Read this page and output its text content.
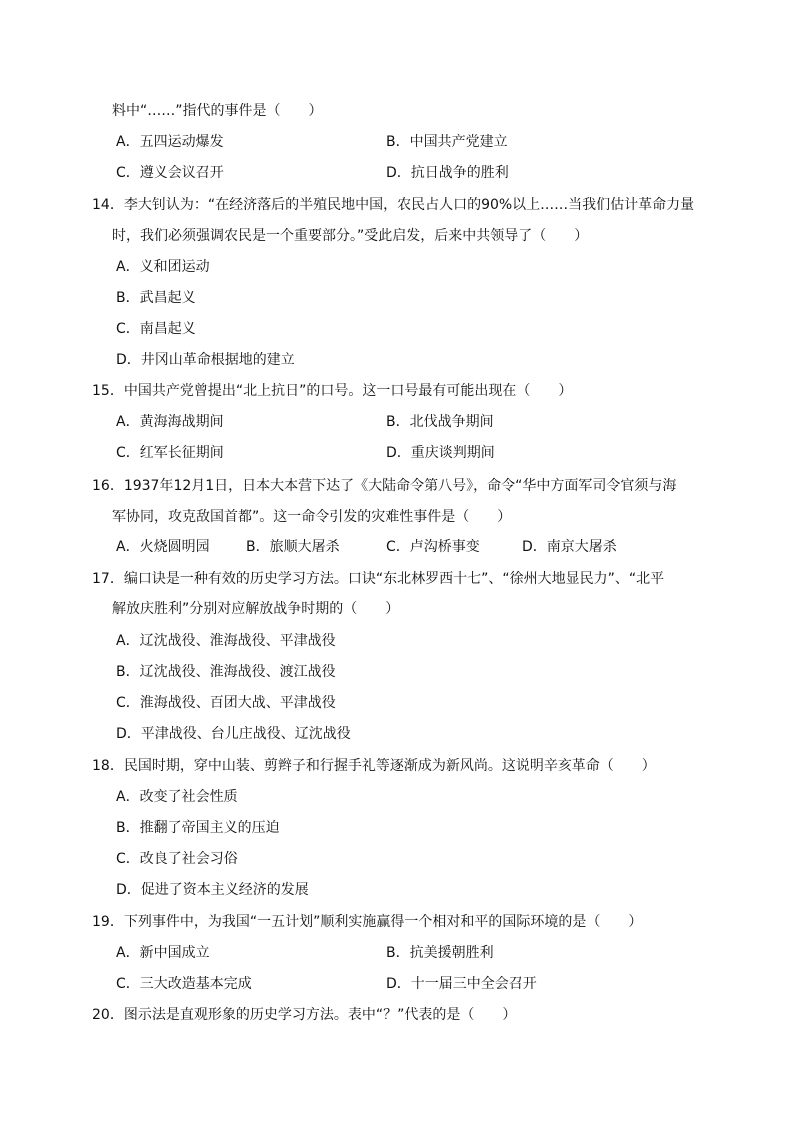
料中“……”指代的事件是（　　）
A．五四运动爆发	B．中国共产党建立
C．遵义会议召开	D．抗日战争的胜利
14．李大钊认为：“在经济落后的半殖民地中国，农民占人口的90%以上……当我们估计革命力量
时，我们必须强调农民是一个重要部分。”受此启发，后来中共领导了（　　）
A．义和团运动
B．武昌起义
C．南昌起义
D．井冈山革命根据地的建立
15．中国共产党曾提出“北上抗日”的口号。这一口号最有可能出现在（　　）
A．黄海海战期间	B．北伐战争期间
C．红军长征期间	D．重庆谈判期间
16．1937年12月1日，日本大本营下达了《大陆命令第八号》，命令“华中方面军司令官须与海
军协同，攻克敌国首都”。这一命令引发的灾难性事件是（　　）
A．火烧圆明园	B．旅顺大屠杀	C．卢沟桥事变	D．南京大屠杀
17．编口诀是一种有效的历史学习方法。口诀“东北林罗西十七”、“徐州大地显民力”、“北平
解放庆胜利”分别对应解放战争时期的（　　）
A．辽沈战役、淮海战役、平津战役
B．辽沈战役、淮海战役、渡江战役
C．淮海战役、百团大战、平津战役
D．平津战役、台儿庄战役、辽沈战役
18．民国时期，穿中山装、剪辫子和行握手礼等逐渐成为新风尚。这说明辛亥革命（　　）
A．改变了社会性质
B．推翻了帝国主义的压迫
C．改良了社会习俗
D．促进了资本主义经济的发展
19．下列事件中，为我国“一五计划”顺利实施赢得一个相对和平的国际环境的是（　　）
A．新中国成立	B．抗美援朝胜利
C．三大改造基本完成	D．十一届三中全会召开
20．图示法是直观形象的历史学习方法。表中“？”代表的是（　　）
